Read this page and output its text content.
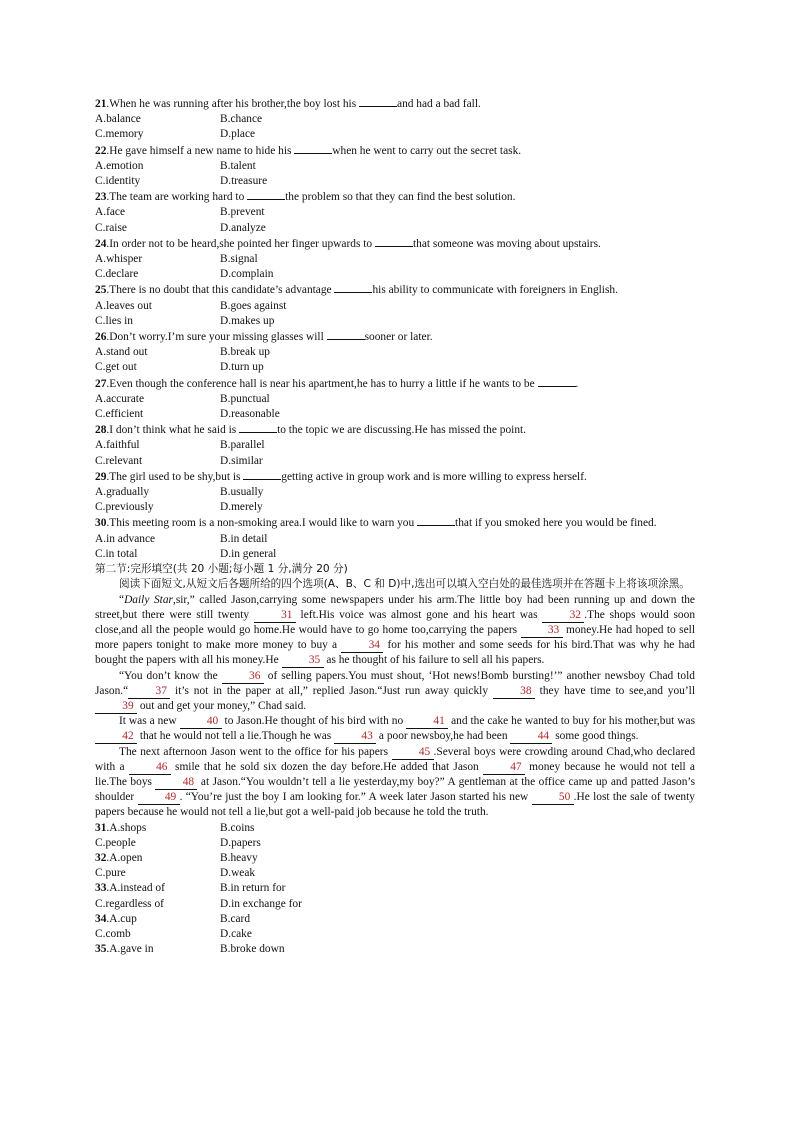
21.When he was running after his brother,the boy lost his	and had a bad fall.

A.balance	B.chance
C.memory	D.place

22.He gave himself a new name to hide his	when he went to carry out the secret task.

A.emotion	B.talent
C.identity	D.treasure

23.The team are working hard to	the problem so that they can find the best solution.

A.face	B.prevent
C.raise	D.analyze

24.In order not to be heard,she pointed her finger upwards to	that someone was moving about upstairs.

A.whisper	B.signal
C.declare	D.complain

25.There is no doubt that this candidate’s advantage	his ability to communicate with foreigners in English.

A.leaves out	B.goes against
C.lies in	D.makes up

26.Don’t worry.I’m sure your missing glasses will	sooner or later.

A.stand out	B.break up
C.get out	D.turn up

27.Even though the conference hall is near his apartment,he has to hurry a little if he wants to be	.

A.accurate	B.punctual
C.efficient	D.reasonable

28.I don’t think what he said is	to the topic we are discussing.He has missed the point.

A.faithful	B.parallel
C.relevant	D.similar

29.The girl used to be shy,but is	getting active in group work and is more willing to express herself.

A.gradually	B.usually
C.previously	D.merely

30.This meeting room is a non-smoking area.I would like to warn you	that if you smoked here you would be fined.

A.in advance	B.in detail
C.in total	D.in general

第二节:完形填空(共 20 小题;每小题 1 分,满分 20 分)

阅读下面短文,从短文后各题所给的四个选项(A、B、C 和 D)中,选出可以填入空白处的最佳选项并在答题卡上将该项涂黑。

“Daily Star,sir,” called Jason,carrying some newspapers under his arm.The little boy had been running up and down the street,but there were still twenty 31 left.His voice was almost gone and his heart was 32 .The shops would soon close,and all the people would go home.He would have to go home too,carrying the papers 33 money.He had hoped to sell more papers tonight to make more money to buy a 34 for his mother and some seeds for his bird.That was why he had bought the papers with all his money.He 35 as he thought of his failure to sell all his papers.

“You don’t know the 36 of selling papers.You must shout, ‘Hot news!Bomb bursting!’” another newsboy Chad told Jason.“ 37 it’s not in the paper at all,” replied Jason.“Just run away quickly 38 they have time to see,and you’ll 39 out and get your money,” Chad said.

It was a new 40 to Jason.He thought of his bird with no 41 and the cake he wanted to buy for his mother,but was 42 that he would not tell a lie.Though he was 43 a poor newsboy,he had been 44 some good things.

The next afternoon Jason went to the office for his papers 45 .Several boys were crowding around Chad,who declared with a 46 smile that he sold six dozen the day before.He added that Jason 47 money because he would not tell a lie.The boys 48 at Jason.“You wouldn’t tell a lie yesterday,my boy?” A gentleman at the office came up and patted Jason’s shoulder 49 . “You’re just the boy I am looking for.” A week later Jason started his new 50 .He lost the sale of twenty papers because he would not tell a lie,but got a well-paid job because he told the truth.

31.A.shops	B.coins
C.people	D.papers
32.A.open	B.heavy
C.pure	D.weak
33.A.instead of	B.in return for
C.regardless of	D.in exchange for
34.A.cup	B.card
C.comb	D.cake
35.A.gave in	B.broke down
